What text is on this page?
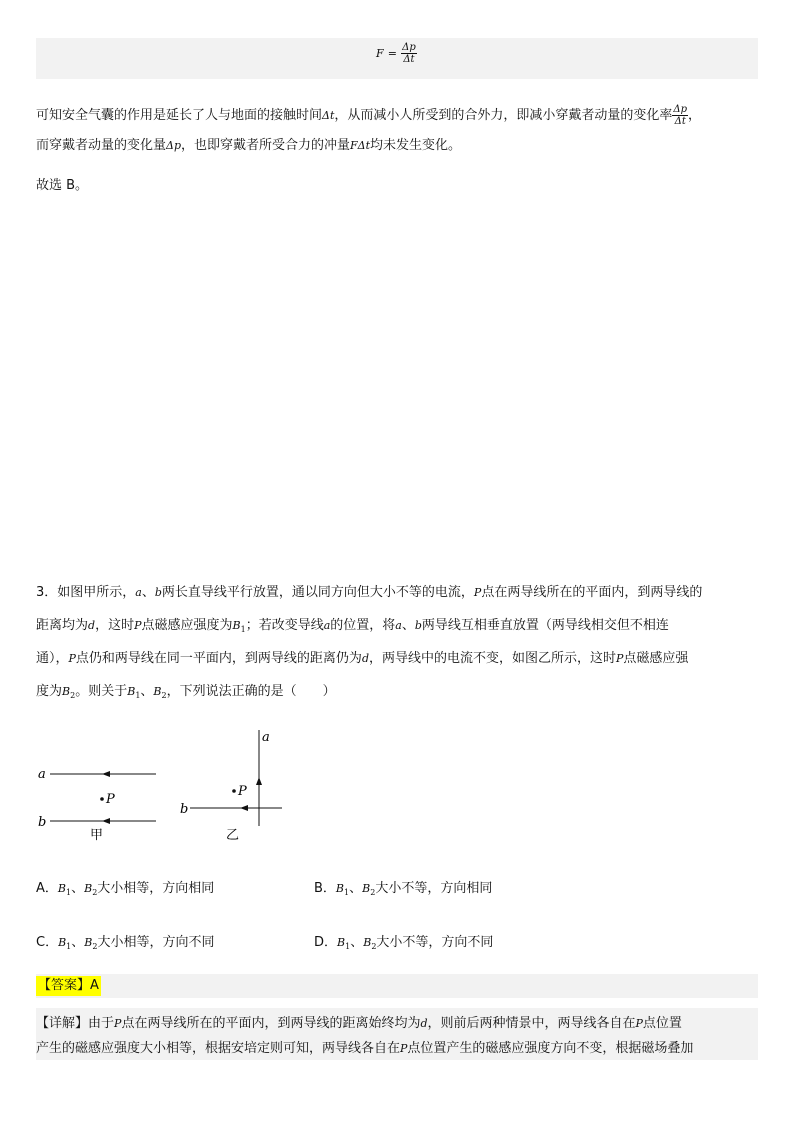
$F = \frac{\Delta p}{\Delta t}$
可知安全气囊的作用是延长了人与地面的接触时间Δt，从而减小人所受到的合外力，即减小穿戴者动量的变化率 $\frac{\Delta p}{\Delta t}$ ，
而穿戴者动量的变化量Δp，也即穿戴者所受合力的冲量FΔt均未发生变化。
故选 B。
3．如图甲所示，a、b两长直导线平行放置，通以同方向但大小不等的电流，P点在两导线所在的平面内，到两导线的
距离均为d，这时P点磁感应强度为$B_1$；若改变导线a的位置，将a、b两导线互相垂直放置（两导线相交但不相连
通），P点仍和两导线在同一平面内，到两导线的距离仍为d，两导线中的电流不变，如图乙所示，这时P点磁感应强
度为$B_2$。则关于$B_1$、$B_2$，下列说法正确的是（　　）
a
b
P
甲
a
b
P
乙
A．$B_1$、$B_2$大小相等，方向相同	B．$B_1$、$B_2$大小不等，方向相同
C．$B_1$、$B_2$大小相等，方向不同	D．$B_1$、$B_2$大小不等，方向不同
【答案】A
【详解】由于P点在两导线所在的平面内，到两导线的距离始终均为d，则前后两种情景中，两导线各自在P点位置
产生的磁感应强度大小相等，根据安培定则可知，两导线各自在P点位置产生的磁感应强度方向不变，根据磁场叠加
